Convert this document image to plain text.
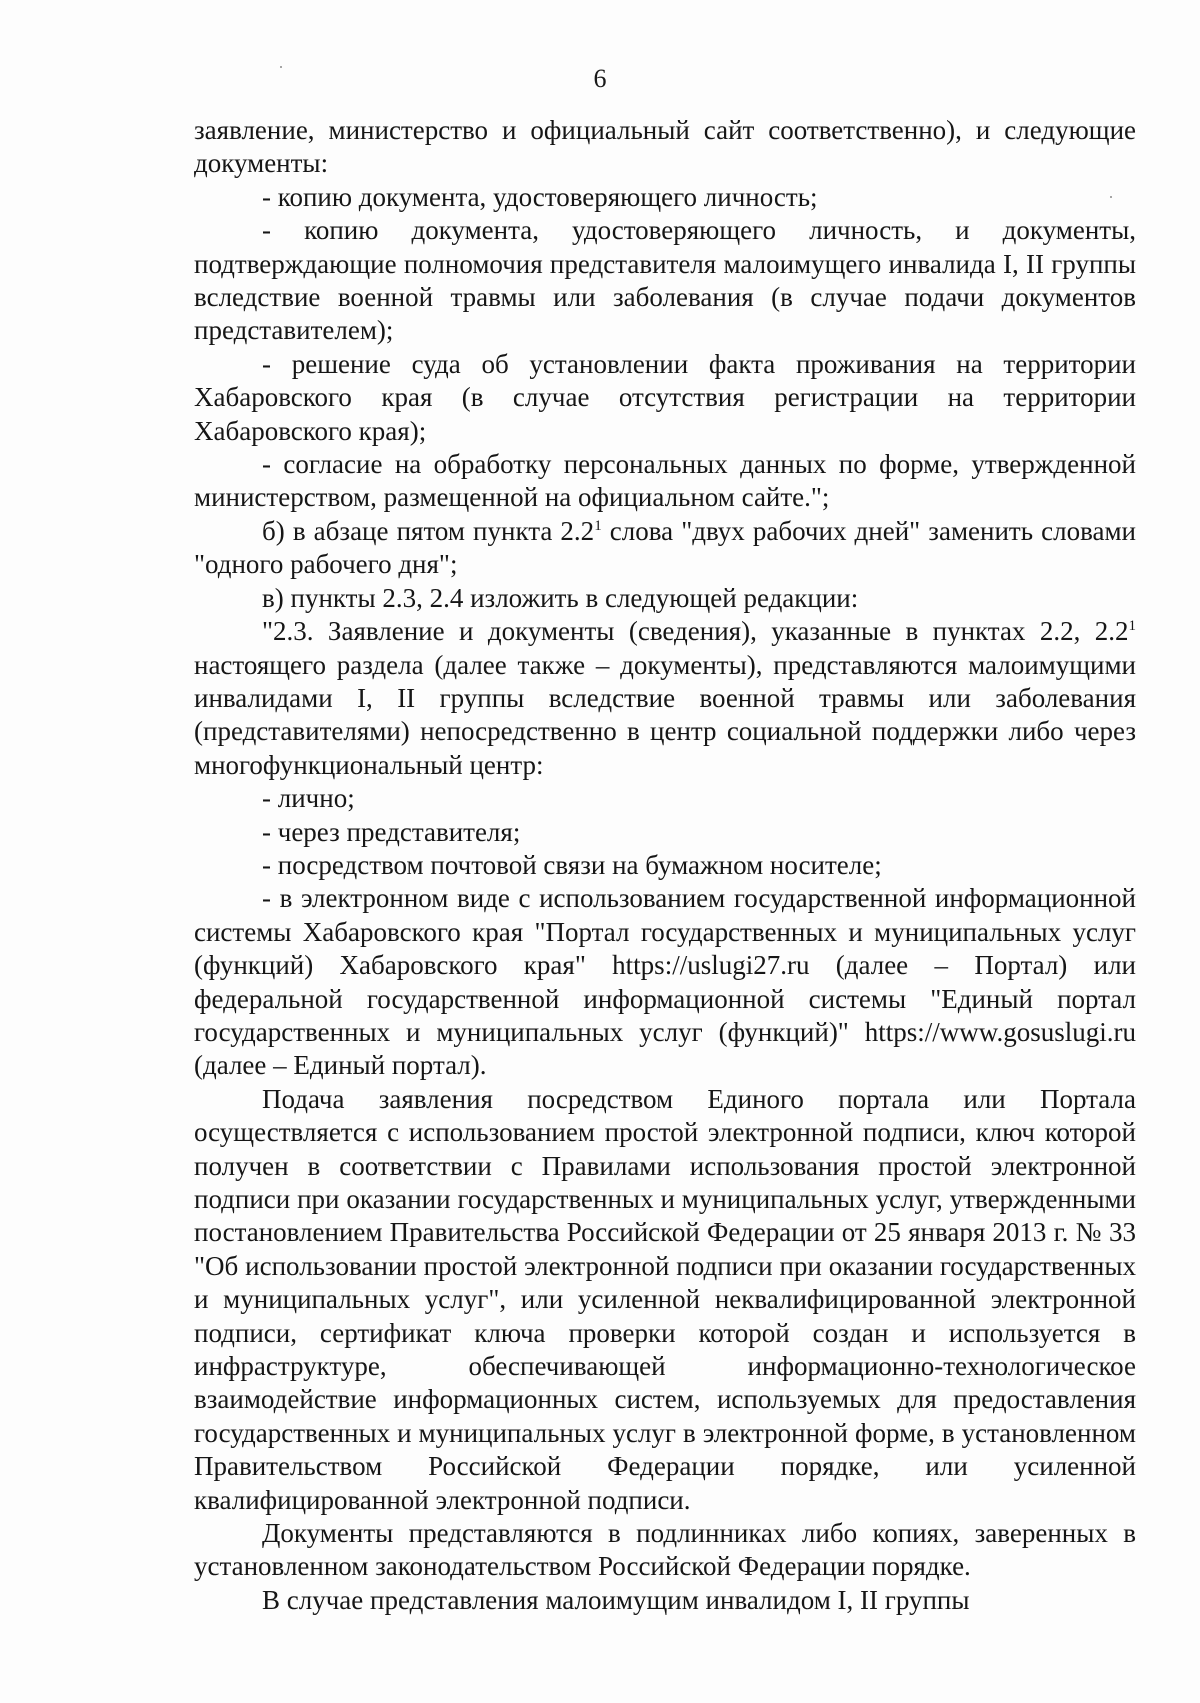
6

заявление, министерство и официальный сайт соответственно), и следующие документы:

- копию документа, удостоверяющего личность;

- копию документа, удостоверяющего личность, и документы, подтверждающие полномочия представителя малоимущего инвалида I, II группы вследствие военной травмы или заболевания (в случае подачи документов представителем);

- решение суда об установлении факта проживания на территории Хабаровского края (в случае отсутствия регистрации на территории Хабаровского края);

- согласие на обработку персональных данных по форме, утвержденной министерством, размещенной на официальном сайте.";

б) в абзаце пятом пункта $2.2^1$ слова "двух рабочих дней" заменить словами "одного рабочего дня";

в) пункты 2.3, 2.4 изложить в следующей редакции:

"2.3. Заявление и документы (сведения), указанные в пунктах 2.2, $2.2^1$ настоящего раздела (далее также – документы), представляются малоимущими инвалидами I, II группы вследствие военной травмы или заболевания (представителями) непосредственно в центр социальной поддержки либо через многофункциональный центр:

- лично;

- через представителя;

- посредством почтовой связи на бумажном носителе;

- в электронном виде с использованием государственной информационной системы Хабаровского края "Портал государственных и муниципальных услуг (функций) Хабаровского края" https://uslugi27.ru (далее – Портал) или федеральной государственной информационной системы "Единый портал государственных и муниципальных услуг (функций)" https://www.gosuslugi.ru (далее – Единый портал).

Подача заявления посредством Единого портала или Портала осуществляется с использованием простой электронной подписи, ключ которой получен в соответствии с Правилами использования простой электронной подписи при оказании государственных и муниципальных услуг, утвержденными постановлением Правительства Российской Федерации от 25 января 2013 г. № 33 "Об использовании простой электронной подписи при оказании государственных и муниципальных услуг", или усиленной неквалифицированной электронной подписи, сертификат ключа проверки которой создан и используется в инфраструктуре, обеспечивающей информационно-технологическое взаимодействие информационных систем, используемых для предоставления государственных и муниципальных услуг в электронной форме, в установленном Правительством Российской Федерации порядке, или усиленной квалифицированной электронной подписи.

Документы представляются в подлинниках либо копиях, заверенных в установленном законодательством Российской Федерации порядке.

В случае представления малоимущим инвалидом I, II группы
